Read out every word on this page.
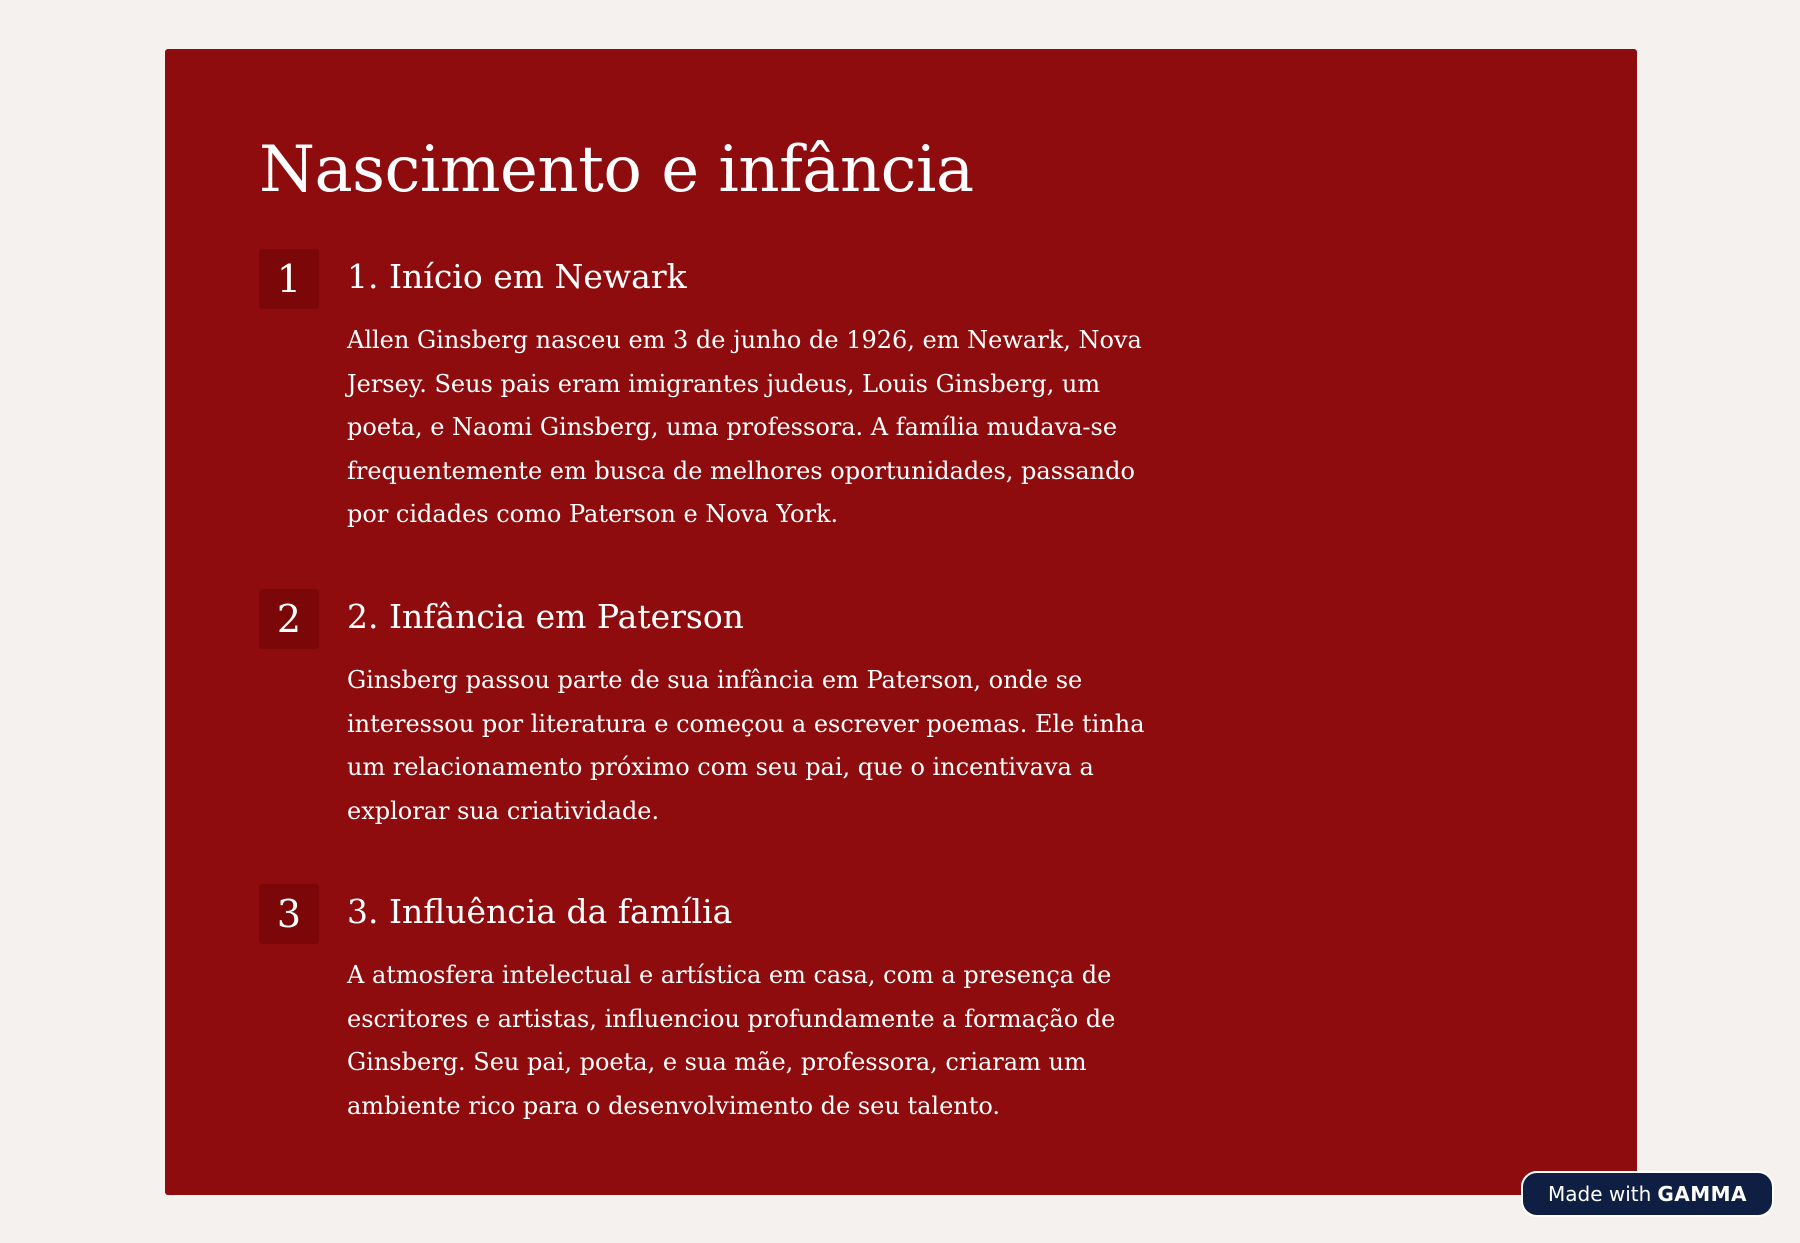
Nascimento e infância
1	1. Início em Newark

Allen Ginsberg nasceu em 3 de junho de 1926, em Newark, Nova Jersey. Seus pais eram imigrantes judeus, Louis Ginsberg, um poeta, e Naomi Ginsberg, uma professora. A família mudava-se frequentemente em busca de melhores oportunidades, passando por cidades como Paterson e Nova York.

2	2. Infância em Paterson

Ginsberg passou parte de sua infância em Paterson, onde se interessou por literatura e começou a escrever poemas. Ele tinha um relacionamento próximo com seu pai, que o incentivava a explorar sua criatividade.

3	3. Influência da família

A atmosfera intelectual e artística em casa, com a presença de escritores e artistas, influenciou profundamente a formação de Ginsberg. Seu pai, poeta, e sua mãe, professora, criaram um ambiente rico para o desenvolvimento de seu talento.

Made with GAMMA
